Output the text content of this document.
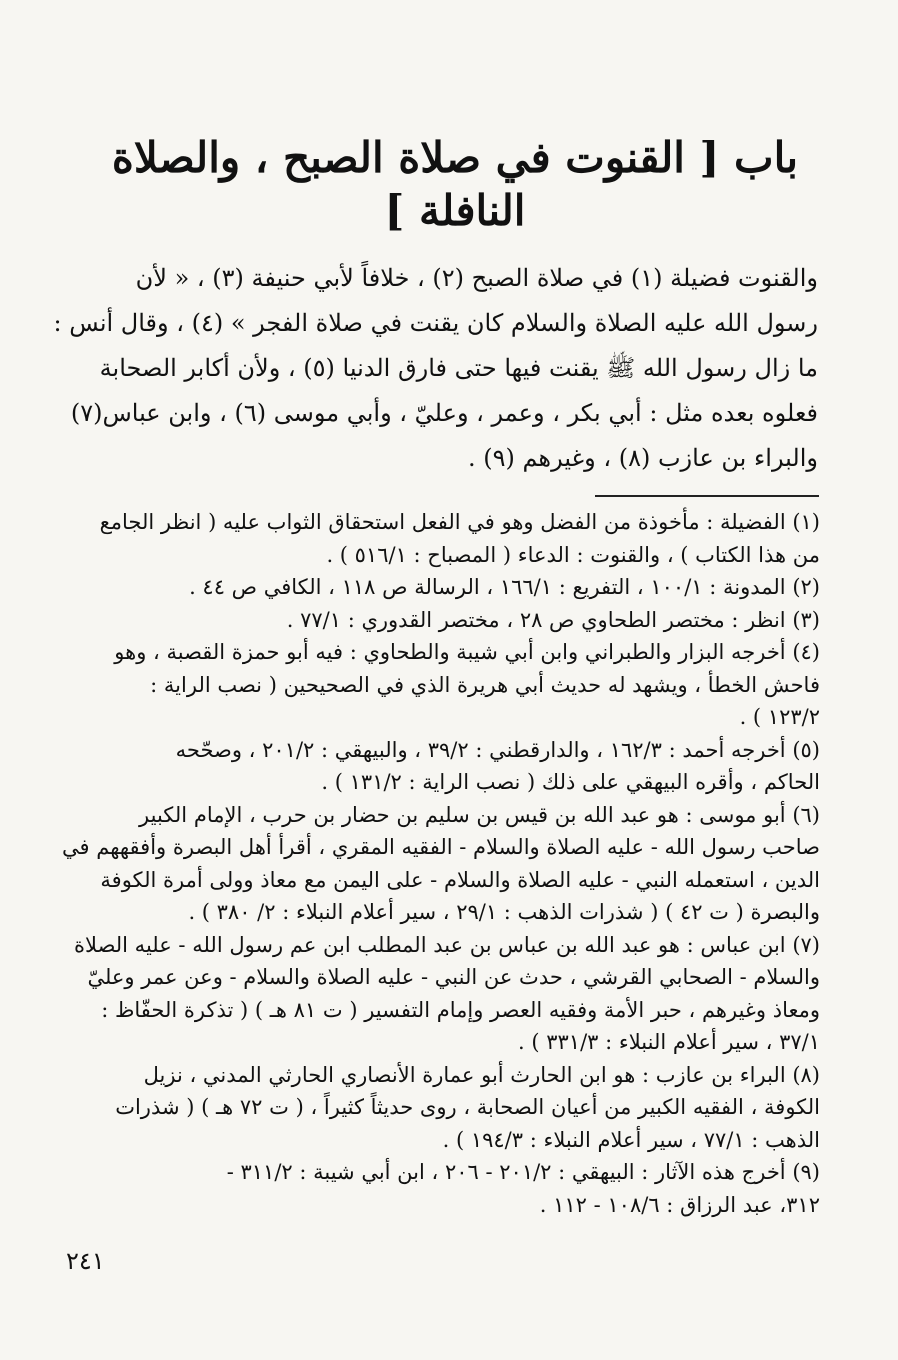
باب [ القنوت في صلاة الصبح ، والصلاة النافلة ]
والقنوت فضيلة (١) في صلاة الصبح (٢) ، خلافاً لأبي حنيفة (٣) ، « لأن
رسول الله عليه الصلاة والسلام كان يقنت في صلاة الفجر » (٤) ، وقال أنس :
ما زال رسول الله ﷺ يقنت فيها حتى فارق الدنيا (٥) ، ولأن أكابر الصحابة
فعلوه بعده مثل : أبي بكر ، وعمر ، وعليّ ، وأبي موسى (٦) ، وابن عباس(٧)
والبراء بن عازب (٨) ، وغيرهم (٩) .
(١) الفضيلة : مأخوذة من الفضل وهو في الفعل استحقاق الثواب عليه ( انظر الجامع
من هذا الكتاب ) ، والقنوت : الدعاء ( المصباح : ٥١٦/١ ) .
(٢) المدونة : ١٠٠/١ ، التفريع : ١٦٦/١ ، الرسالة ص ١١٨ ، الكافي ص ٤٤ .
(٣) انظر : مختصر الطحاوي ص ٢٨ ، مختصر القدوري : ٧٧/١ .
(٤) أخرجه البزار والطبراني وابن أبي شيبة والطحاوي : فيه أبو حمزة القصبة ، وهو
فاحش الخطأ ، ويشهد له حديث أبي هريرة الذي في الصحيحين ( نصب الراية :
١٢٣/٢ ) .
(٥) أخرجه أحمد : ١٦٢/٣ ، والدارقطني : ٣٩/٢ ، والبيهقي : ٢٠١/٢ ، وصحّحه
الحاكم ، وأقره البيهقي على ذلك ( نصب الراية : ١٣١/٢ ) .
(٦) أبو موسى : هو عبد الله بن قيس بن سليم بن حضار بن حرب ، الإمام الكبير
صاحب رسول الله - عليه الصلاة والسلام - الفقيه المقري ، أقرأ أهل البصرة وأفقههم في
الدين ، استعمله النبي - عليه الصلاة والسلام - على اليمن مع معاذ وولى أمرة الكوفة
والبصرة ( ت ٤٢ ) ( شذرات الذهب : ٢٩/١ ، سير أعلام النبلاء : ٢/ ٣٨٠ ) .
(٧) ابن عباس : هو عبد الله بن عباس بن عبد المطلب ابن عم رسول الله - عليه الصلاة
والسلام - الصحابي القرشي ، حدث عن النبي - عليه الصلاة والسلام - وعن عمر وعليّ
ومعاذ وغيرهم ، حبر الأمة وفقيه العصر وإمام التفسير ( ت ٨١ هـ ) ( تذكرة الحفّاظ :
٣٧/١ ، سير أعلام النبلاء : ٣٣١/٣ ) .
(٨) البراء بن عازب : هو ابن الحارث أبو عمارة الأنصاري الحارثي المدني ، نزيل
الكوفة ، الفقيه الكبير من أعيان الصحابة ، روى حديثاً كثيراً ، ( ت ٧٢ هـ ) ( شذرات
الذهب : ٧٧/١ ، سير أعلام النبلاء : ١٩٤/٣ ) .
(٩) أخرج هذه الآثار : البيهقي : ٢٠١/٢ - ٢٠٦ ، ابن أبي شيبة : ٣١١/٢ -
٣١٢، عبد الرزاق : ١٠٨/٦ - ١١٢ .
٢٤١
